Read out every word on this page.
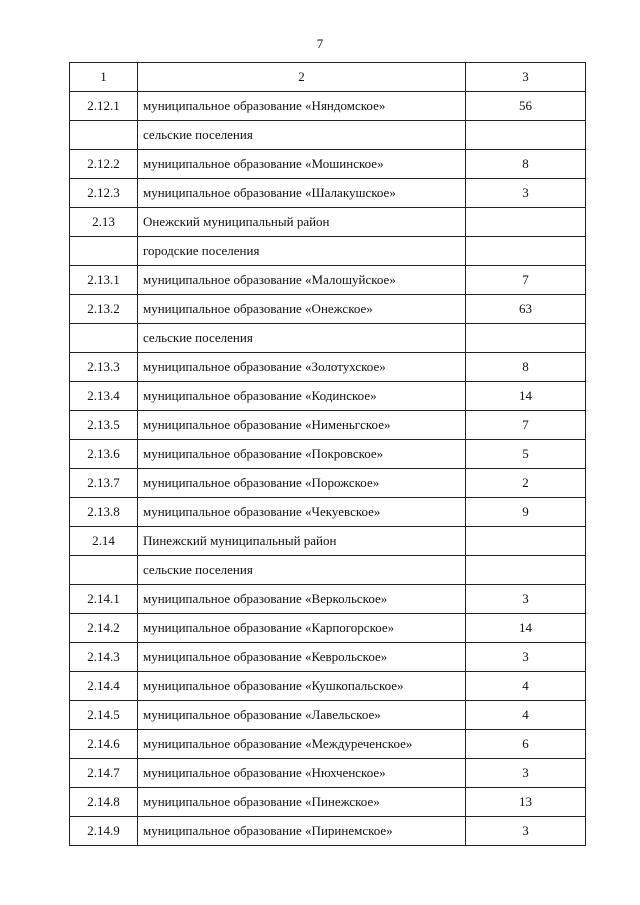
7
1	2	3
2.12.1	муниципальное образование «Няндомское»	56
	сельские поселения	
2.12.2	муниципальное образование «Мошинское»	8
2.12.3	муниципальное образование «Шалакушское»	3
2.13	Онежский муниципальный район	
	городские поселения	
2.13.1	муниципальное образование «Малошуйское»	7
2.13.2	муниципальное образование «Онежское»	63
	сельские поселения	
2.13.3	муниципальное образование «Золотухское»	8
2.13.4	муниципальное образование «Кодинское»	14
2.13.5	муниципальное образование «Нименьгское»	7
2.13.6	муниципальное образование «Покровское»	5
2.13.7	муниципальное образование «Порожское»	2
2.13.8	муниципальное образование «Чекуевское»	9
2.14	Пинежский муниципальный район	
	сельские поселения	
2.14.1	муниципальное образование «Веркольское»	3
2.14.2	муниципальное образование «Карпогорское»	14
2.14.3	муниципальное образование «Кеврольское»	3
2.14.4	муниципальное образование «Кушкопальское»	4
2.14.5	муниципальное образование «Лавельское»	4
2.14.6	муниципальное образование «Междуреченское»	6
2.14.7	муниципальное образование «Нюхченское»	3
2.14.8	муниципальное образование «Пинежское»	13
2.14.9	муниципальное образование «Пиринемское»	3
